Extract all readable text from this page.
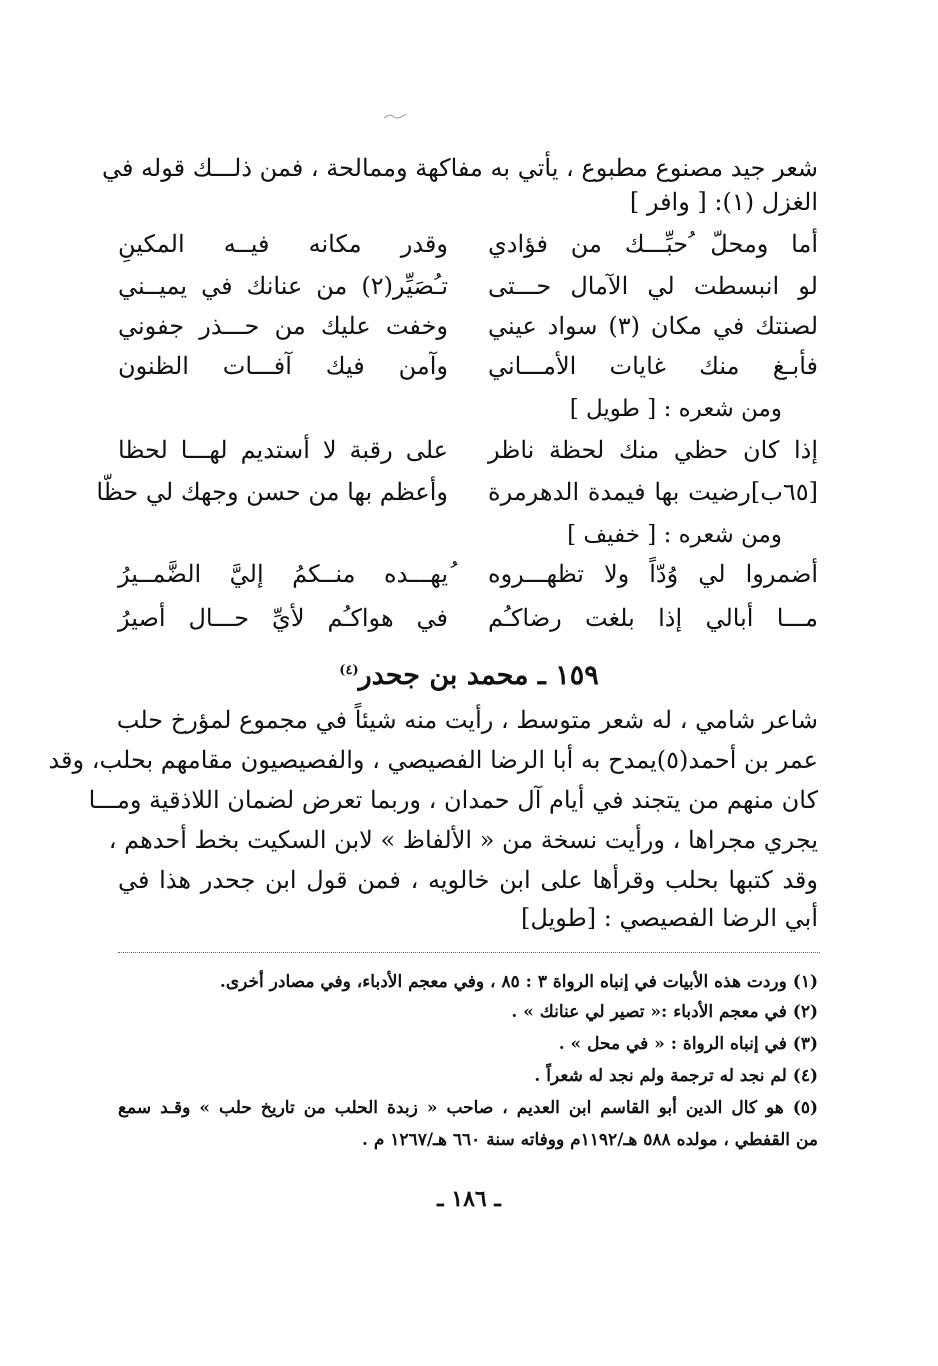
شعر جيد مصنوع مطبوع ، يأتي به مفاكهة وممالحة ، فمن ذلـــك قوله في
الغزل (١): [ وافر ]
أما ومحلّ ُحبِّـــك من فؤادي
وقدر مكانه فيــه المكينِ
لو انبسطت لي الآمال حـــتى
تـُصَيِّر(٢) من عنانك في يميــني
لصنتك في مكان (٣) سواد عيني
وخفت عليك من حـــذر جفوني
فأبـغ منك غايات الأمـــاني
وآمن فيك آفـــات الظنون
ومن شعره : [ طويل ]
إذا كان حظي منك لحظة ناظر
على رقبة لا أستديم لهـــا لحظا
[٦٥ب]رضيت بها فيمدة الدهرمرة
وأعظم بها من حسن وجهك لي حظّا
ومن شعره : [ خفيف ]
أضمروا لي وُدّاً ولا تظهـــروه
ُيهـــده منــكمُ إليَّ الضَّمــيرُ
مـــا أبالي إذا بلغت رضاكـُم
في هواكـُم لأيِّ حـــال أصيرُ
١٥٩ ـ محمد بن جحدر$^{(٤)}$
شاعر شامي ، له شعر متوسط ، رأيت منه شيئاً في مجموع لمؤرخ حلب
عمر بن أحمد(٥)يمدح به أبا الرضا الفصيصي ، والفصيصيون مقامهم بحلب، وقد
كان منهم من يتجند في أيام آل حمدان ، وربما تعرض لضمان اللاذقية ومـــا
يجري مجراها ، ورأيت نسخة من « الألفاظ » لابن السكيت بخط أحدهم ،
وقد كتبها بحلب وقرأها على ابن خالويه ، فمن قول ابن جحدر هذا في
أبي الرضا الفصيصي : [طويل]
(١) وردت هذه الأبيات في إنباه الرواة ٣ : ٨٥ ، وفي معجم الأدباء، وفي مصادر أخرى.
(٢) في معجم الأدباء :« تصير لي عنانك » .
(٣) في إنباه الرواة : « في محل » .
(٤) لم نجد له ترجمة ولم نجد له شعراً .
(٥) هو كال الدين أبو القاسم ابن العديم ، صاحب « زبدة الحلب من تاريخ حلب » وقـد سمع
من القفطي ، مولده ٥٨٨ هـ/١١٩٢م ووفاته سنة ٦٦٠ هـ/١٢٦٧ م .
ـ ١٨٦ ـ
